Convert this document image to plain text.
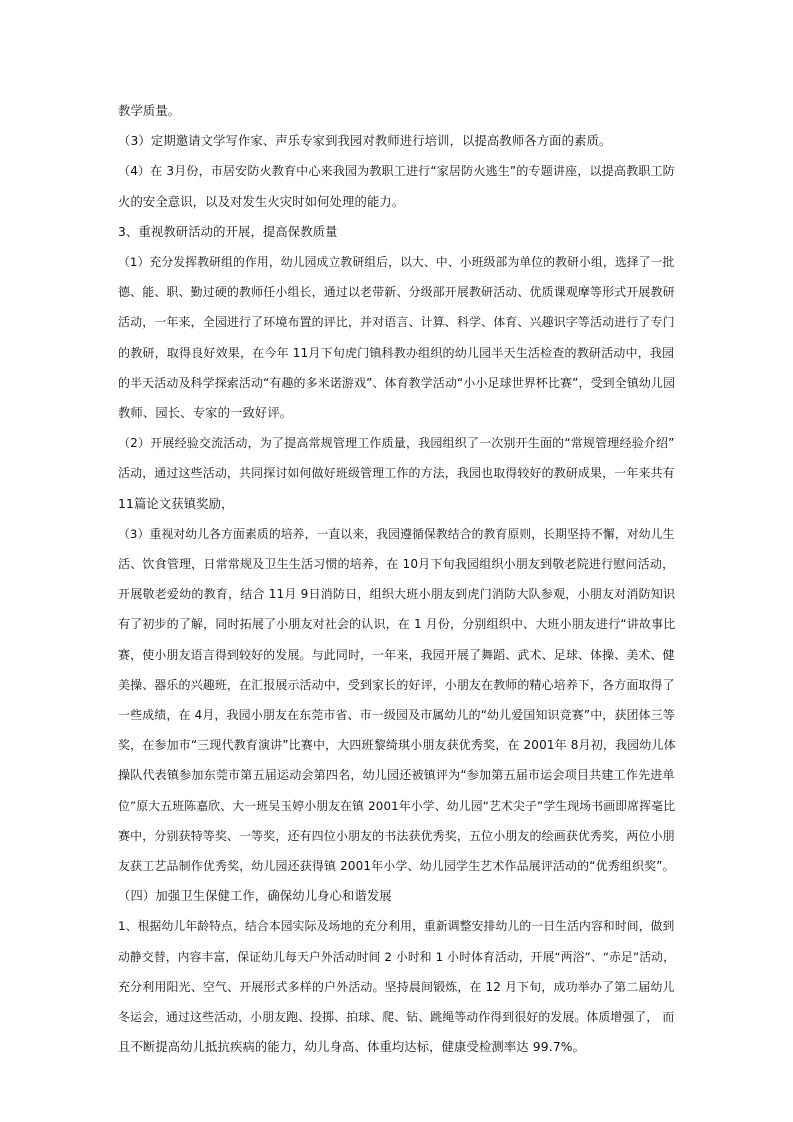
教学质量。

（3）定期邀请文学写作家、声乐专家到我园对教师进行培训，以提高教师各方面的素质。

（4）在 3月份，市居安防火教育中心来我园为教职工进行“家居防火逃生”的专题讲座，以提高教职工防
火的安全意识，以及对发生火灾时如何处理的能力。

3、重视教研活动的开展，提高保教质量

（1）充分发挥教研组的作用，幼儿园成立教研组后，以大、中、小班级部为单位的教研小组，选择了一批
德、能、职、勤过硬的教师任小组长，通过以老带新、分级部开展教研活动、优质课观摩等形式开展教研
活动，一年来，全园进行了环境布置的评比，并对语言、计算、科学、体育、兴趣识字等活动进行了专门
的教研，取得良好效果，在今年 11月下旬虎门镇科教办组织的幼儿园半天生活检查的教研活动中，我园
的半天活动及科学探索活动“有趣的多米诺游戏”、体育教学活动“小小足球世界杯比赛”，受到全镇幼儿园
教师、园长、专家的一致好评。

（2）开展经验交流活动，为了提高常规管理工作质量，我园组织了一次别开生面的“常规管理经验介绍”
活动，通过这些活动，共同探讨如何做好班级管理工作的方法，我园也取得较好的教研成果，一年来共有
11篇论文获镇奖励，

（3）重视对幼儿各方面素质的培养，一直以来，我园遵循保教结合的教育原则，长期坚持不懈，对幼儿生
活、饮食管理，日常常规及卫生生活习惯的培养，在 10月下旬我园组织小朋友到敬老院进行慰问活动，
开展敬老爱幼的教育，结合 11月 9日消防日，组织大班小朋友到虎门消防大队参观，小朋友对消防知识
有了初步的了解，同时拓展了小朋友对社会的认识，在 1 月份，分别组织中、大班小朋友进行“讲故事比
赛，使小朋友语言得到较好的发展。与此同时，一年来，我园开展了舞蹈、武术、足球、体操、美术、健
美操、器乐的兴趣班，在汇报展示活动中，受到家长的好评，小朋友在教师的精心培养下，各方面取得了
一些成绩，在 4月，我园小朋友在东莞市省、市一级园及市属幼儿的“幼儿爱国知识竞赛”中，获团体三等
奖，在参加市“三现代教育演讲”比赛中，大四班黎绮琪小朋友获优秀奖，在 2001年 8月初，我园幼儿体
操队代表镇参加东莞市第五届运动会第四名，幼儿园还被镇评为“参加第五届市运会项目共建工作先进单
位”原大五班陈嘉欣、大一班吴玉婷小朋友在镇 2001年小学、幼儿园“艺术尖子”学生现场书画即席挥毫比
赛中，分别获特等奖、一等奖，还有四位小朋友的书法获优秀奖，五位小朋友的绘画获优秀奖，两位小朋
友获工艺品制作优秀奖，幼儿园还获得镇 2001年小学、幼儿园学生艺术作品展评活动的“优秀组织奖”。

（四）加强卫生保健工作，确保幼儿身心和谐发展

1、根据幼儿年龄特点，结合本园实际及场地的充分利用，重新调整安排幼儿的一日生活内容和时间，做到
动静交替，内容丰富，保证幼儿每天户外活动时间 2 小时和 1 小时体育活动，开展“两浴”、“赤足”活动，
充分利用阳光、空气、开展形式多样的户外活动。坚持晨间锻炼，在 12 月下旬，成功举办了第二届幼儿
冬运会，通过这些活动，小朋友跑、投掷、拍球、爬、钻、跳绳等动作得到很好的发展。体质增强了， 而
且不断提高幼儿抵抗疾病的能力，幼儿身高、体重均达标，健康受检测率达 99.7%。
